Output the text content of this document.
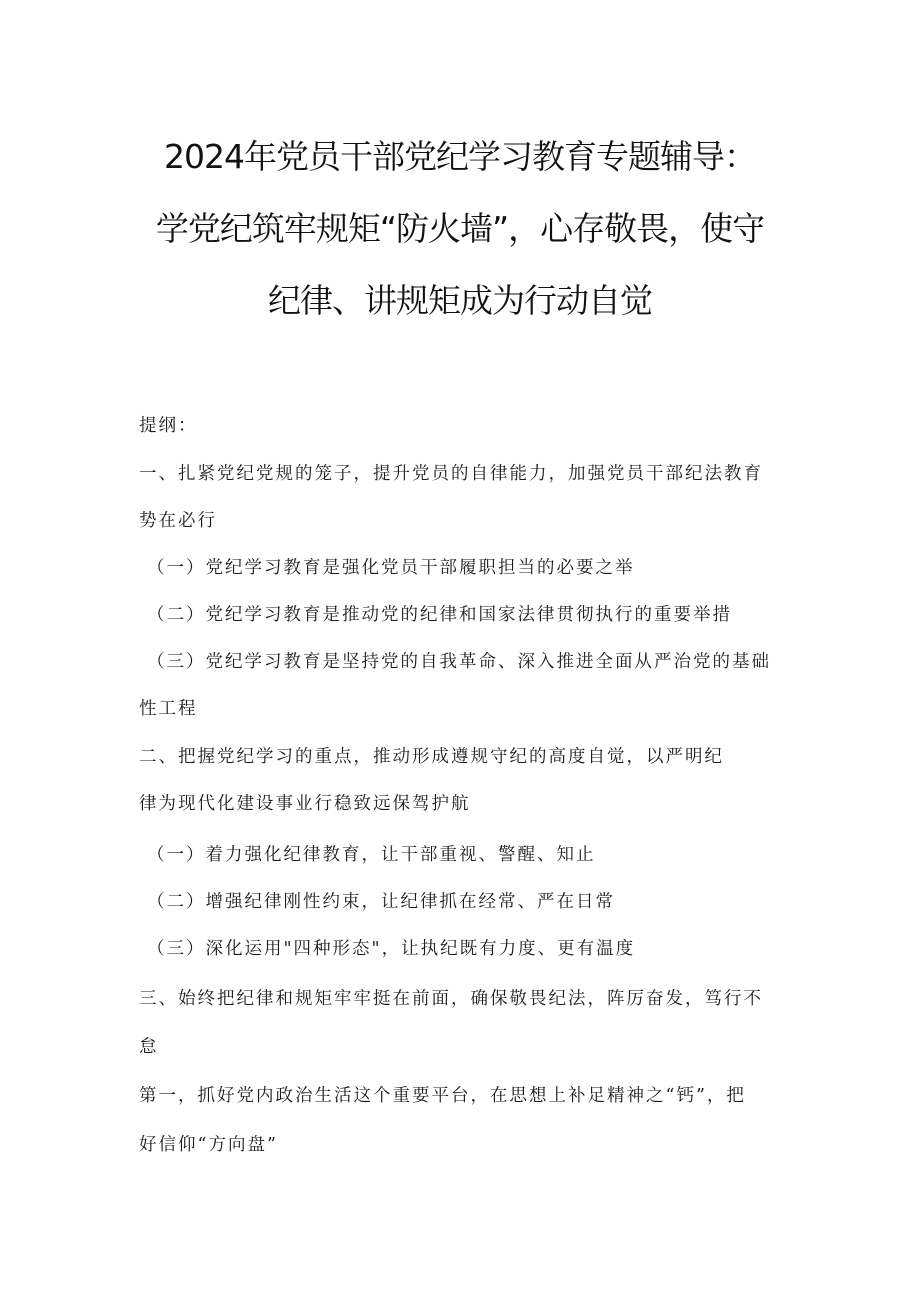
2024年党员干部党纪学习教育专题辅导：
学党纪筑牢规矩“防火墙”，心存敬畏，使守
纪律、讲规矩成为行动自觉
提纲：
一、扎紧党纪党规的笼子，提升党员的自律能力，加强党员干部纪法教育
势在必行
（一）党纪学习教育是强化党员干部履职担当的必要之举
（二）党纪学习教育是推动党的纪律和国家法律贯彻执行的重要举措
（三）党纪学习教育是坚持党的自我革命、深入推进全面从严治党的基础
性工程
二、把握党纪学习的重点，推动形成遵规守纪的高度自觉，以严明纪
律为现代化建设事业行稳致远保驾护航
（一）着力强化纪律教育，让干部重视、警醒、知止
（二）增强纪律刚性约束，让纪律抓在经常、严在日常
（三）深化运用"四种形态"，让执纪既有力度、更有温度
三、始终把纪律和规矩牢牢挺在前面，确保敬畏纪法，阵厉奋发，笃行不
怠
第一，抓好党内政治生活这个重要平台，在思想上补足精神之“钙”，把
好信仰“方向盘”
